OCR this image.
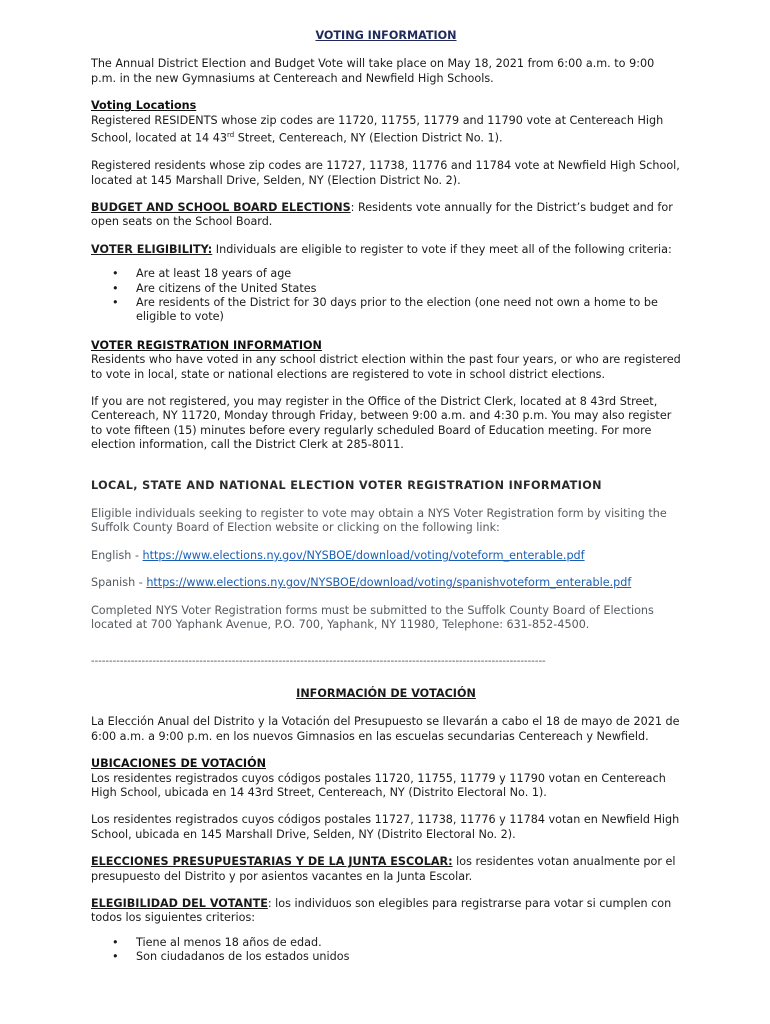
VOTING INFORMATION

The Annual District Election and Budget Vote will take place on May 18, 2021 from 6:00 a.m. to 9:00 p.m. in the new Gymnasiums at Centereach and Newfield High Schools.

Voting Locations

Registered RESIDENTS whose zip codes are 11720, 11755, 11779 and 11790 vote at Centereach High School, located at 14 43rd Street, Centereach, NY (Election District No. 1).

Registered residents whose zip codes are 11727, 11738, 11776 and 11784 vote at Newfield High School, located at 145 Marshall Drive, Selden, NY (Election District No. 2).

BUDGET AND SCHOOL BOARD ELECTIONS: Residents vote annually for the District’s budget and for open seats on the School Board.

VOTER ELIGIBILITY: Individuals are eligible to register to vote if they meet all of the following criteria:

• Are at least 18 years of age
• Are citizens of the United States
• Are residents of the District for 30 days prior to the election (one need not own a home to be eligible to vote)

VOTER REGISTRATION INFORMATION

Residents who have voted in any school district election within the past four years, or who are registered to vote in local, state or national elections are registered to vote in school district elections.

If you are not registered, you may register in the Office of the District Clerk, located at 8 43rd Street, Centereach, NY 11720, Monday through Friday, between 9:00 a.m. and 4:30 p.m. You may also register to vote fifteen (15) minutes before every regularly scheduled Board of Education meeting. For more election information, call the District Clerk at 285-8011.

LOCAL, STATE AND NATIONAL ELECTION VOTER REGISTRATION INFORMATION

Eligible individuals seeking to register to vote may obtain a NYS Voter Registration form by visiting the Suffolk County Board of Election website or clicking on the following link:

English - https://www.elections.ny.gov/NYSBOE/download/voting/voteform_enterable.pdf

Spanish - https://www.elections.ny.gov/NYSBOE/download/voting/spanishvoteform_enterable.pdf

Completed NYS Voter Registration forms must be submitted to the Suffolk County Board of Elections located at 700 Yaphank Avenue, P.O. 700, Yaphank, NY 11980, Telephone: 631-852-4500.

------------------------------------------------------------------------------------------------------------------------------

INFORMACIÓN DE VOTACIÓN

La Elección Anual del Distrito y la Votación del Presupuesto se llevarán a cabo el 18 de mayo de 2021 de 6:00 a.m. a 9:00 p.m. en los nuevos Gimnasios en las escuelas secundarias Centereach y Newfield.

UBICACIONES DE VOTACIÓN

Los residentes registrados cuyos códigos postales 11720, 11755, 11779 y 11790 votan en Centereach High School, ubicada en 14 43rd Street, Centereach, NY (Distrito Electoral No. 1).

Los residentes registrados cuyos códigos postales 11727, 11738, 11776 y 11784 votan en Newfield High School, ubicada en 145 Marshall Drive, Selden, NY (Distrito Electoral No. 2).

ELECCIONES PRESUPUESTARIAS Y DE LA JUNTA ESCOLAR: los residentes votan anualmente por el presupuesto del Distrito y por asientos vacantes en la Junta Escolar.

ELEGIBILIDAD DEL VOTANTE: los individuos son elegibles para registrarse para votar si cumplen con todos los siguientes criterios:

• Tiene al menos 18 años de edad.
• Son ciudadanos de los estados unidos
